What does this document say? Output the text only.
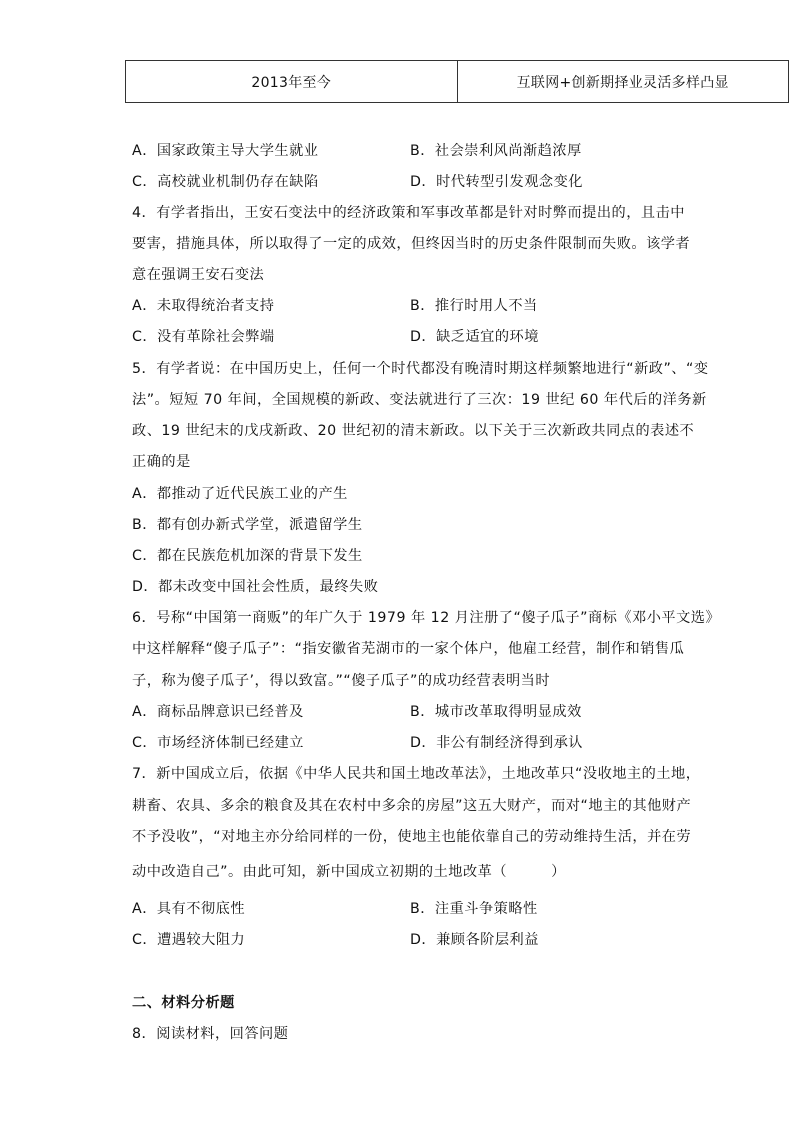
2013年至今	互联网+创新期择业灵活多样凸显
A．国家政策主导大学生就业	B．社会崇利风尚渐趋浓厚
C．高校就业机制仍存在缺陷	D．时代转型引发观念变化
4．有学者指出，王安石变法中的经济政策和军事改革都是针对时弊而提出的，且击中
要害，措施具体，所以取得了一定的成效，但终因当时的历史条件限制而失败。该学者
意在强调王安石变法
A．未取得统治者支持	B．推行时用人不当
C．没有革除社会弊端	D．缺乏适宜的环境
5．有学者说：在中国历史上，任何一个时代都没有晚清时期这样频繁地进行“新政”、“变
法”。短短 70 年间，全国规模的新政、变法就进行了三次：19 世纪 60 年代后的洋务新
政、19 世纪末的戊戌新政、20 世纪初的清末新政。以下关于三次新政共同点的表述不
正确的是
A．都推动了近代民族工业的产生
B．都有创办新式学堂，派遣留学生
C．都在民族危机加深的背景下发生
D．都未改变中国社会性质，最终失败
6．号称“中国第一商贩”的年广久于 1979 年 12 月注册了“傻子瓜子”商标《邓小平文选》
中这样解释“傻子瓜子”：“指安徽省芜湖市的一家个体户，他雇工经营，制作和销售瓜
子，称为傻子瓜子’，得以致富。”“傻子瓜子”的成功经营表明当时
A．商标品牌意识已经普及	B．城市改革取得明显成效
C．市场经济体制已经建立	D．非公有制经济得到承认
7．新中国成立后，依据《中华人民共和国土地改革法》，土地改革只“没收地主的土地，
耕畜、农具、多余的粮食及其在农村中多余的房屋”这五大财产，而对“地主的其他财产
不予没收”，“对地主亦分给同样的一份，使地主也能依靠自己的劳动维持生活，并在劳
动中改造自己”。由此可知，新中国成立初期的土地改革（　　　）
A．具有不彻底性	B．注重斗争策略性
C．遭遇较大阻力	D．兼顾各阶层利益
二、材料分析题
8．阅读材料，回答问题
